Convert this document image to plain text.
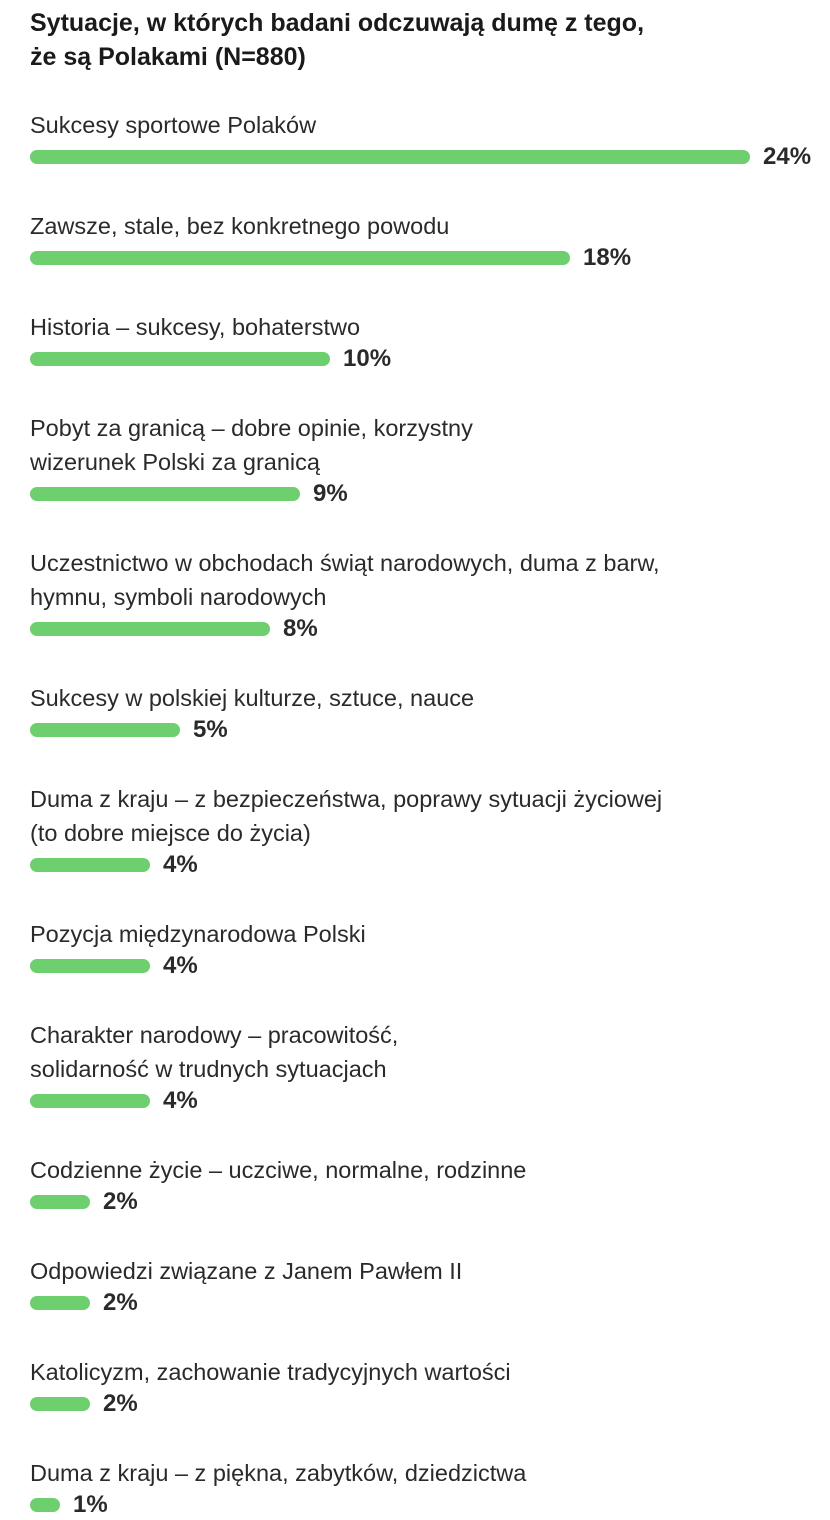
Sytuacje, w których badani odczuwają dumę z tego,
że są Polakami (N=880)
Sukcesy sportowe Polaków
24%
Zawsze, stale, bez konkretnego powodu
18%
Historia – sukcesy, bohaterstwo
10%
Pobyt za granicą – dobre opinie, korzystny
wizerunek Polski za granicą
9%
Uczestnictwo w obchodach świąt narodowych, duma z barw,
hymnu, symboli narodowych
8%
Sukcesy w polskiej kulturze, sztuce, nauce
5%
Duma z kraju – z bezpieczeństwa, poprawy sytuacji życiowej
(to dobre miejsce do życia)
4%
Pozycja międzynarodowa Polski
4%
Charakter narodowy – pracowitość,
solidarność w trudnych sytuacjach
4%
Codzienne życie – uczciwe, normalne, rodzinne
2%
Odpowiedzi związane z Janem Pawłem II
2%
Katolicyzm, zachowanie tradycyjnych wartości
2%
Duma z kraju – z piękna, zabytków, dziedzictwa
1%
